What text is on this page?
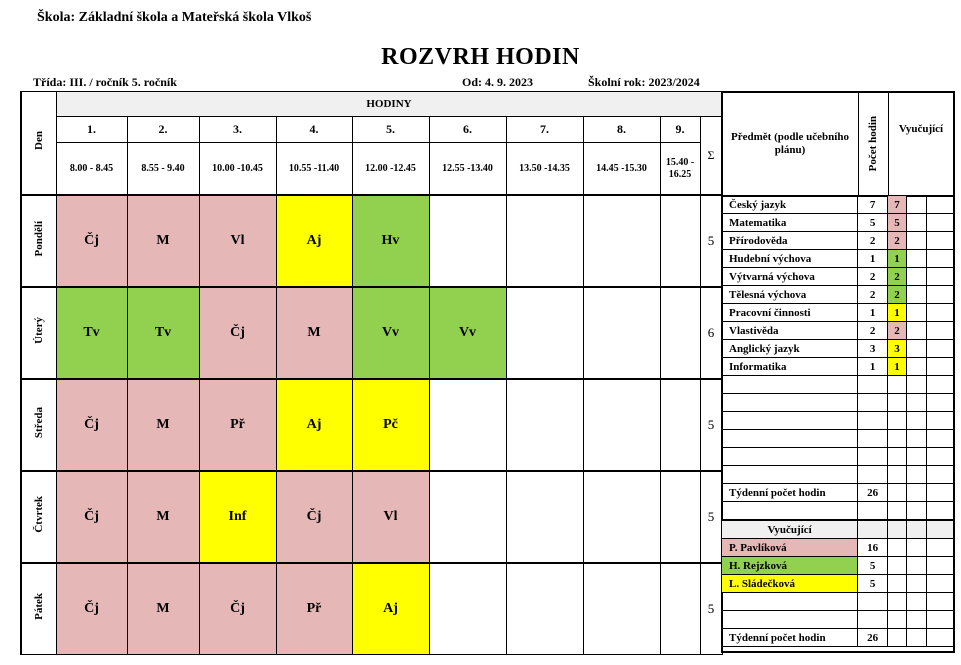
Škola: Základní škola a Mateřská škola Vlkoš
ROZVRH HODIN
Třída: III. / ročník 5. ročník	Od: 4. 9. 2023	Školní rok: 2023/2024
Den	HODINY									
	1.	2.	3.	4.	5.	6.	7.	8.	9.	Σ
	8.00 - 8.45	8.55 - 9.40	10.00 -10.45	10.55 -11.40	12.00 -12.45	12.55 -13.40	13.50 -14.35	14.45 -15.30	15.40 - 16.25	
Pondělí	Čj	M	Vl	Aj	Hv					5
Úterý	Tv	Tv	Čj	M	Vv	Vv				6
Středa	Čj	M	Př	Aj	Pč					5
Čtvrtek	Čj	M	Inf	Čj	Vl					5
Pátek	Čj	M	Čj	Př	Aj					5
Předmět (podle učebního plánu)	Počet hodin	Vyučující
Český jazyk	7	7		
Matematika	5	5		
Přírodověda	2	2		
Hudební výchova	1	1		
Výtvarná výchova	2	2		
Tělesná výchova	2	2		
Pracovní činnosti	1	1		
Vlastivěda	2	2		
Anglický jazyk	3	3		
Informatika	1	1		

Týdenní počet hodin	26			

Vyučující				
P. Pavlíková	16			
H. Rejzková	5			
L. Sládečková	5			

Týdenní počet hodin	26			
